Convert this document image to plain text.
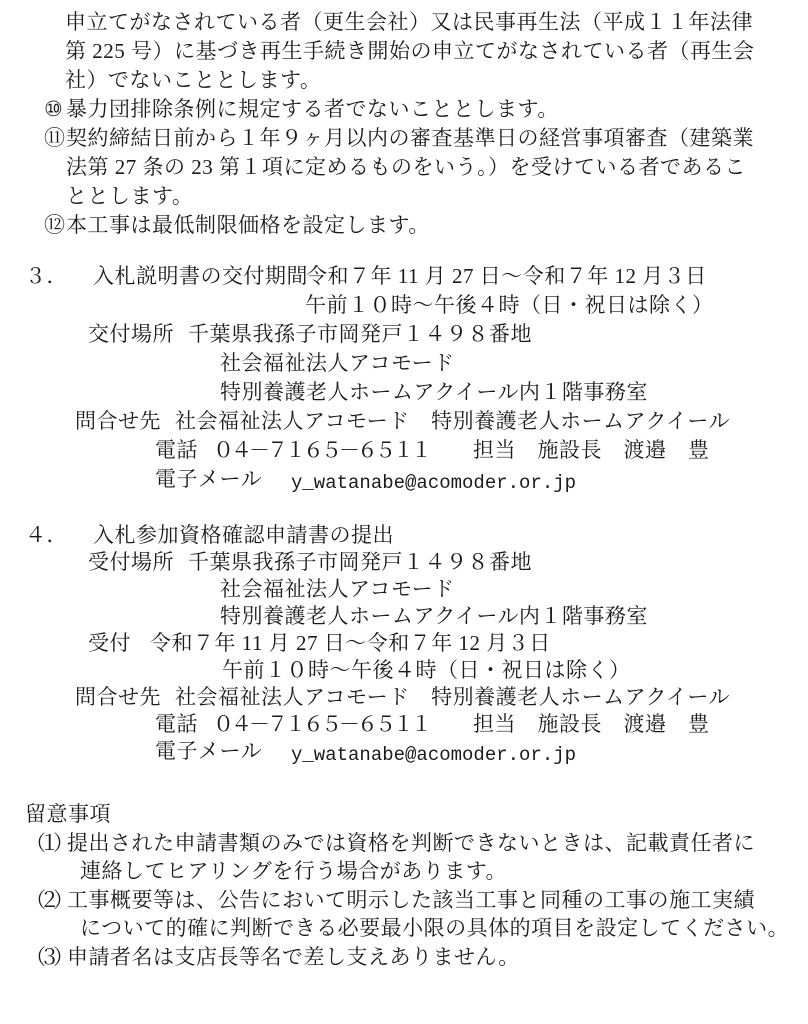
申立てがなされている者（更生会社）又は民事再生法（平成１１年法律
第 225 号）に基づき再生手続き開始の申立てがなされている者（再生会
社）でないこととします。
⑩ 暴力団排除条例に規定する者でないこととします。
⑪ 契約締結日前から１年９ヶ月以内の審査基準日の経営事項審査（建築業
法第 27 条の 23 第１項に定めるものをいう。）を受けている者であるこ
ととします。
⑫ 本工事は最低制限価格を設定します。
３． 入札説明書の交付期間
令和７年 11 月 27 日～令和７年 12 月３日
午前１０時～午後４時（日・祝日は除く）
交付場所 千葉県我孫子市岡発戸１４９８番地
社会福祉法人アコモード
特別養護老人ホームアクイール内１階事務室
問合せ先 社会福祉法人アコモード　特別養護老人ホームアクイール
電話 ０４－７１６５－６５１１ 担当　施設長　渡邉　豊
電子メール y_watanabe@acomoder.or.jp
４． 入札参加資格確認申請書の提出
受付場所 千葉県我孫子市岡発戸１４９８番地
社会福祉法人アコモード
特別養護老人ホームアクイール内１階事務室
受付 令和７年 11 月 27 日～令和７年 12 月３日
午前１０時～午後４時（日・祝日は除く）
問合せ先 社会福祉法人アコモード　特別養護老人ホームアクイール
電話 ０４－７１６５－６５１１ 担当　施設長　渡邉　豊
電子メール y_watanabe@acomoder.or.jp
留意事項
（１） 提出された申請書類のみでは資格を判断できないときは、記載責任者に
連絡してヒアリングを行う場合があります。
（２） 工事概要等は、公告において明示した該当工事と同種の工事の施工実績
について的確に判断できる必要最小限の具体的項目を設定してください。
（３） 申請者名は支店長等名で差し支えありません。
